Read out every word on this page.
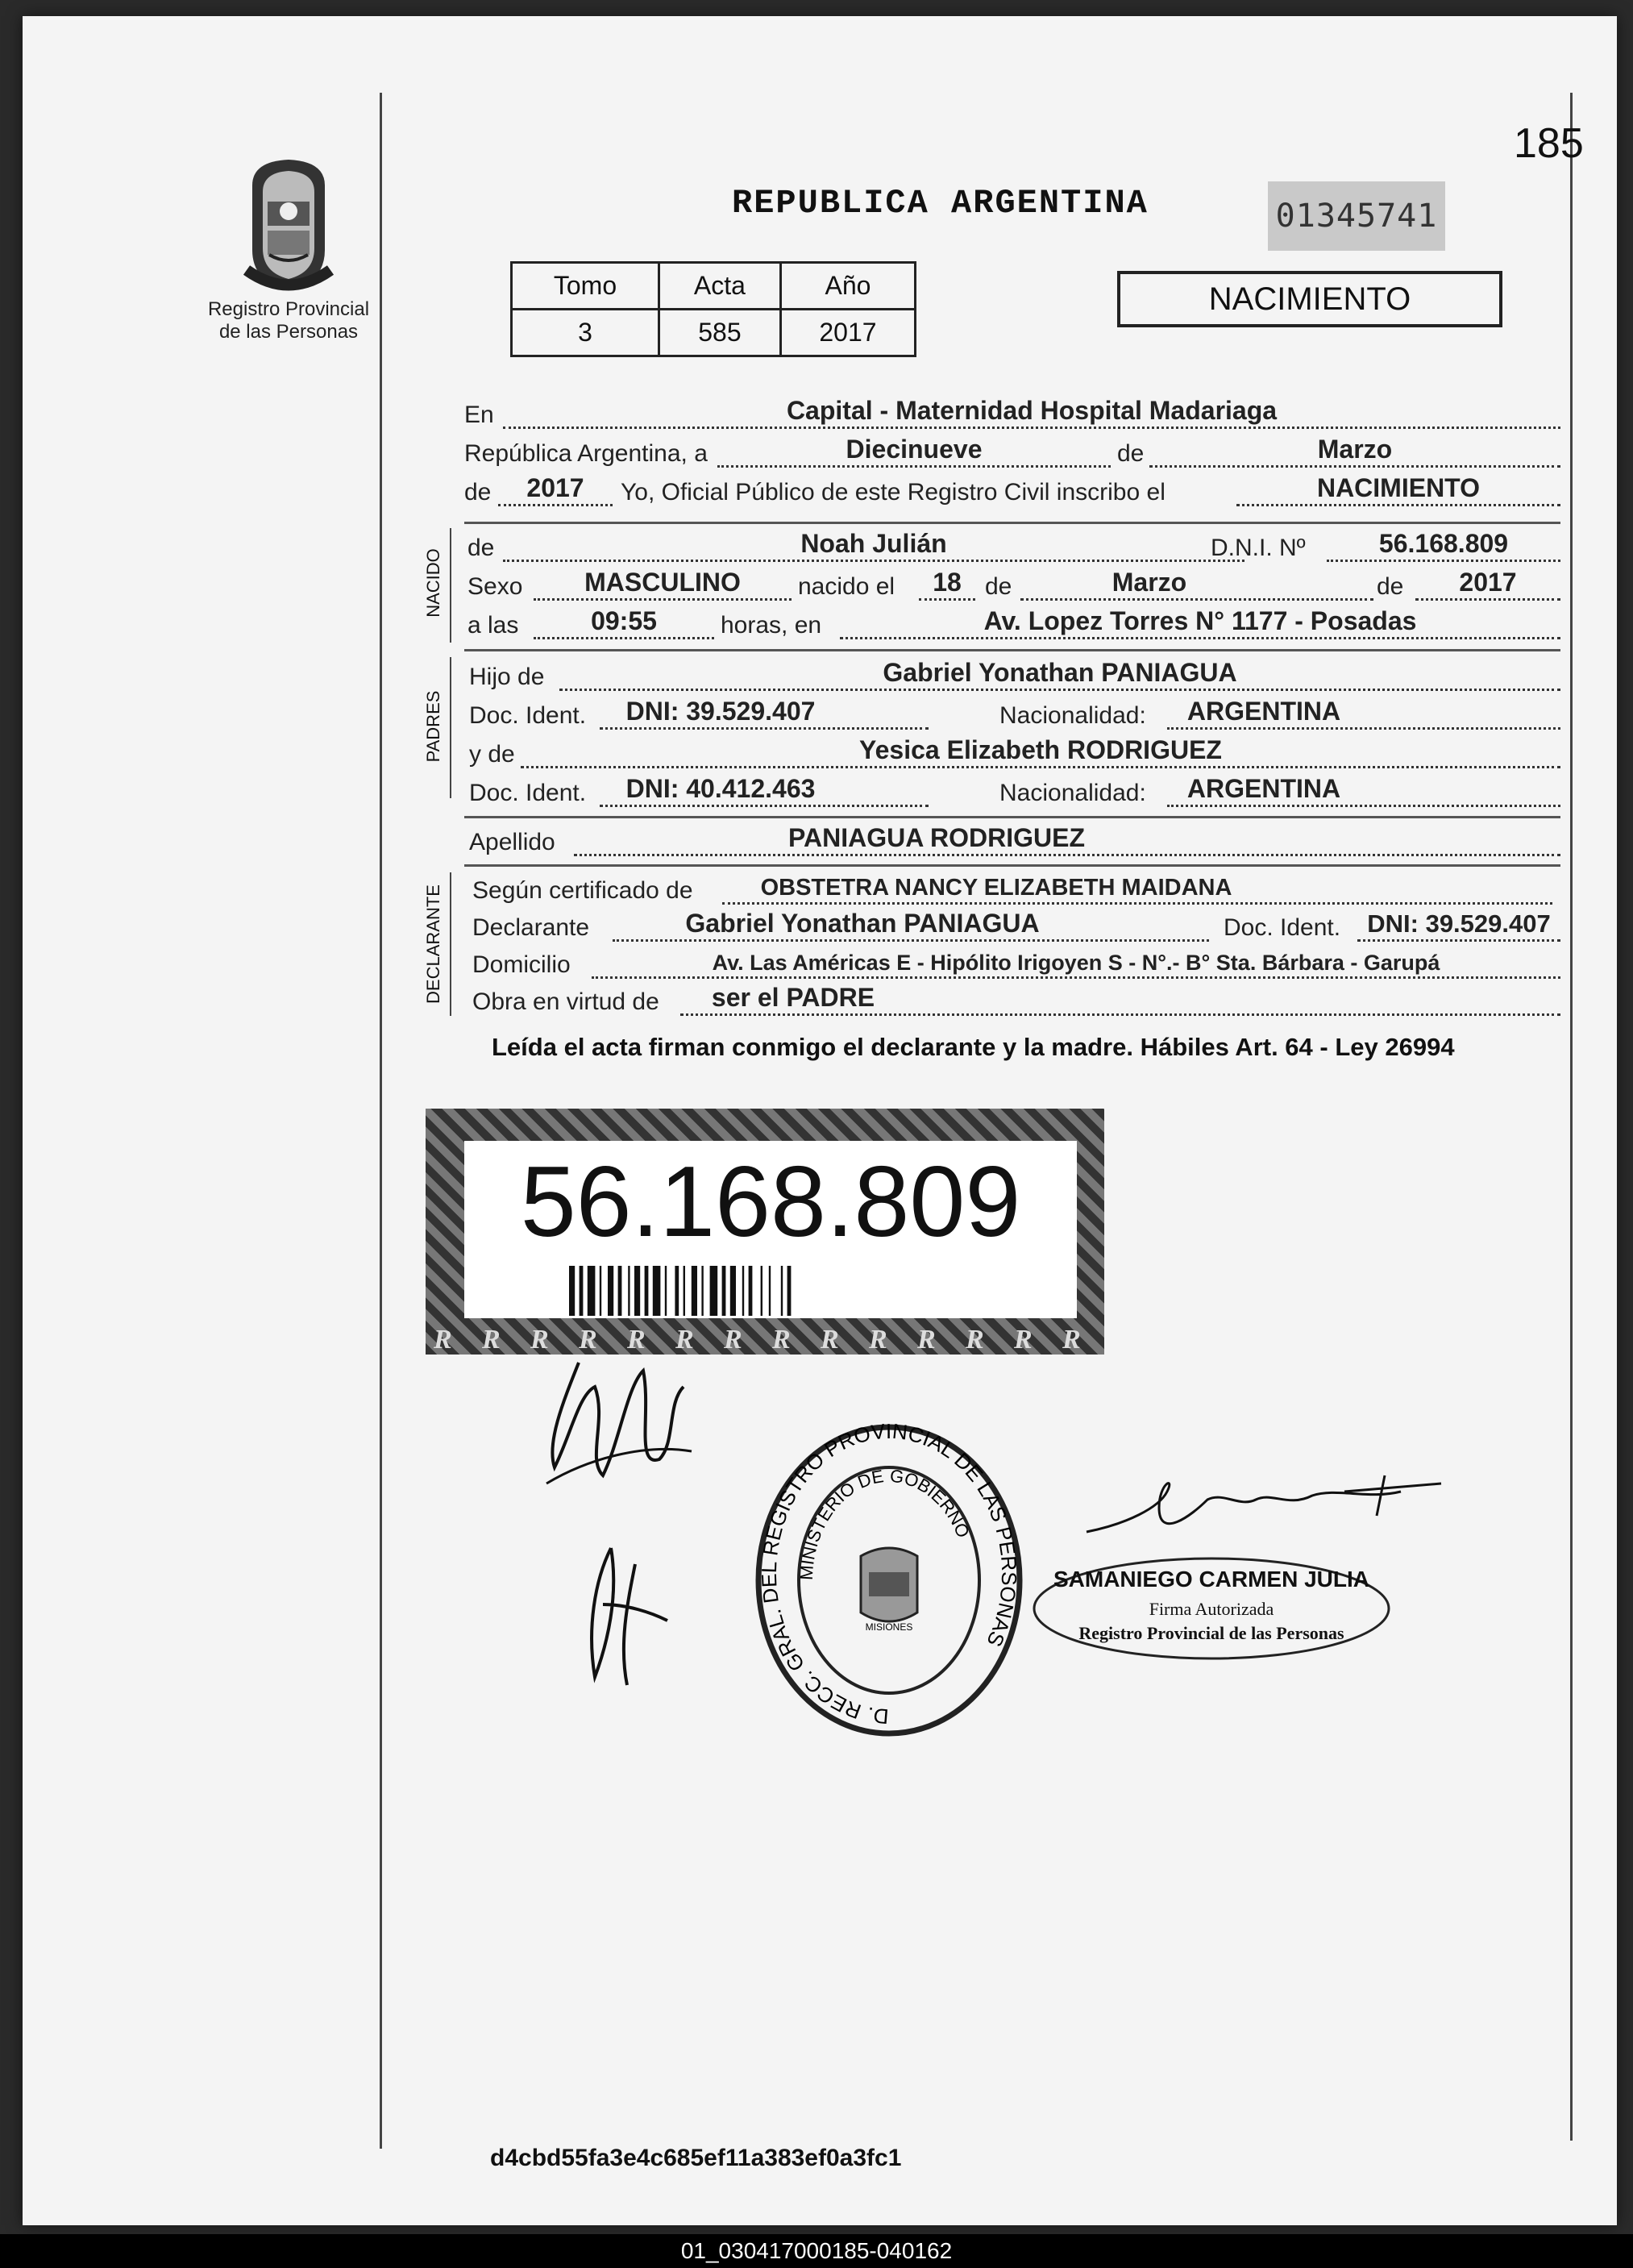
Registro Provincial
de las Personas
185
REPUBLICA ARGENTINA	01345741
Tomo	Acta	Año
3	585	2017
NACIMIENTO
En	Capital - Maternidad Hospital Madariaga
República Argentina, a	Diecinueve	de	Marzo
de	2017	Yo, Oficial Público de este Registro Civil inscribo el	NACIMIENTO
NACIDO
de	Noah Julián	D.N.I. Nº	56.168.809
Sexo	MASCULINO	nacido el	18 de	Marzo	de	2017
a las	09:55	horas, en	Av. Lopez Torres N° 1177 - Posadas
PADRES
Hijo de	Gabriel Yonathan PANIAGUA
Doc. Ident.	DNI: 39.529.407	Nacionalidad:	ARGENTINA
y de	Yesica Elizabeth RODRIGUEZ
Doc. Ident.	DNI: 40.412.463	Nacionalidad:	ARGENTINA
Apellido	PANIAGUA RODRIGUEZ
DECLARANTE Según certificado de	OBSTETRA NANCY ELIZABETH MAIDANA
Declarante	Gabriel Yonathan PANIAGUA	Doc. Ident.	DNI: 39.529.407
Domicilio	Av. Las Américas E - Hipólito Irigoyen S - N°.- B° Sta. Bárbara - Garupá
Obra en virtud de	ser el PADRE
Leída el acta firman conmigo el declarante y la madre. Hábiles Art. 64 - Ley 26994
56.168.809
R R R R R R R R R R R R R R
D. RECC. GRAL. DEL REGISTRO PROVINCIAL DE LAS PERSONAS
MINISTERIO DE GOBIERNO
MISIONES
SAMANIEGO CARMEN JULIA
Firma Autorizada
Registro Provincial de las Personas
d4cbd55fa3e4c685ef11a383ef0a3fc1
01_030417000185-040162
